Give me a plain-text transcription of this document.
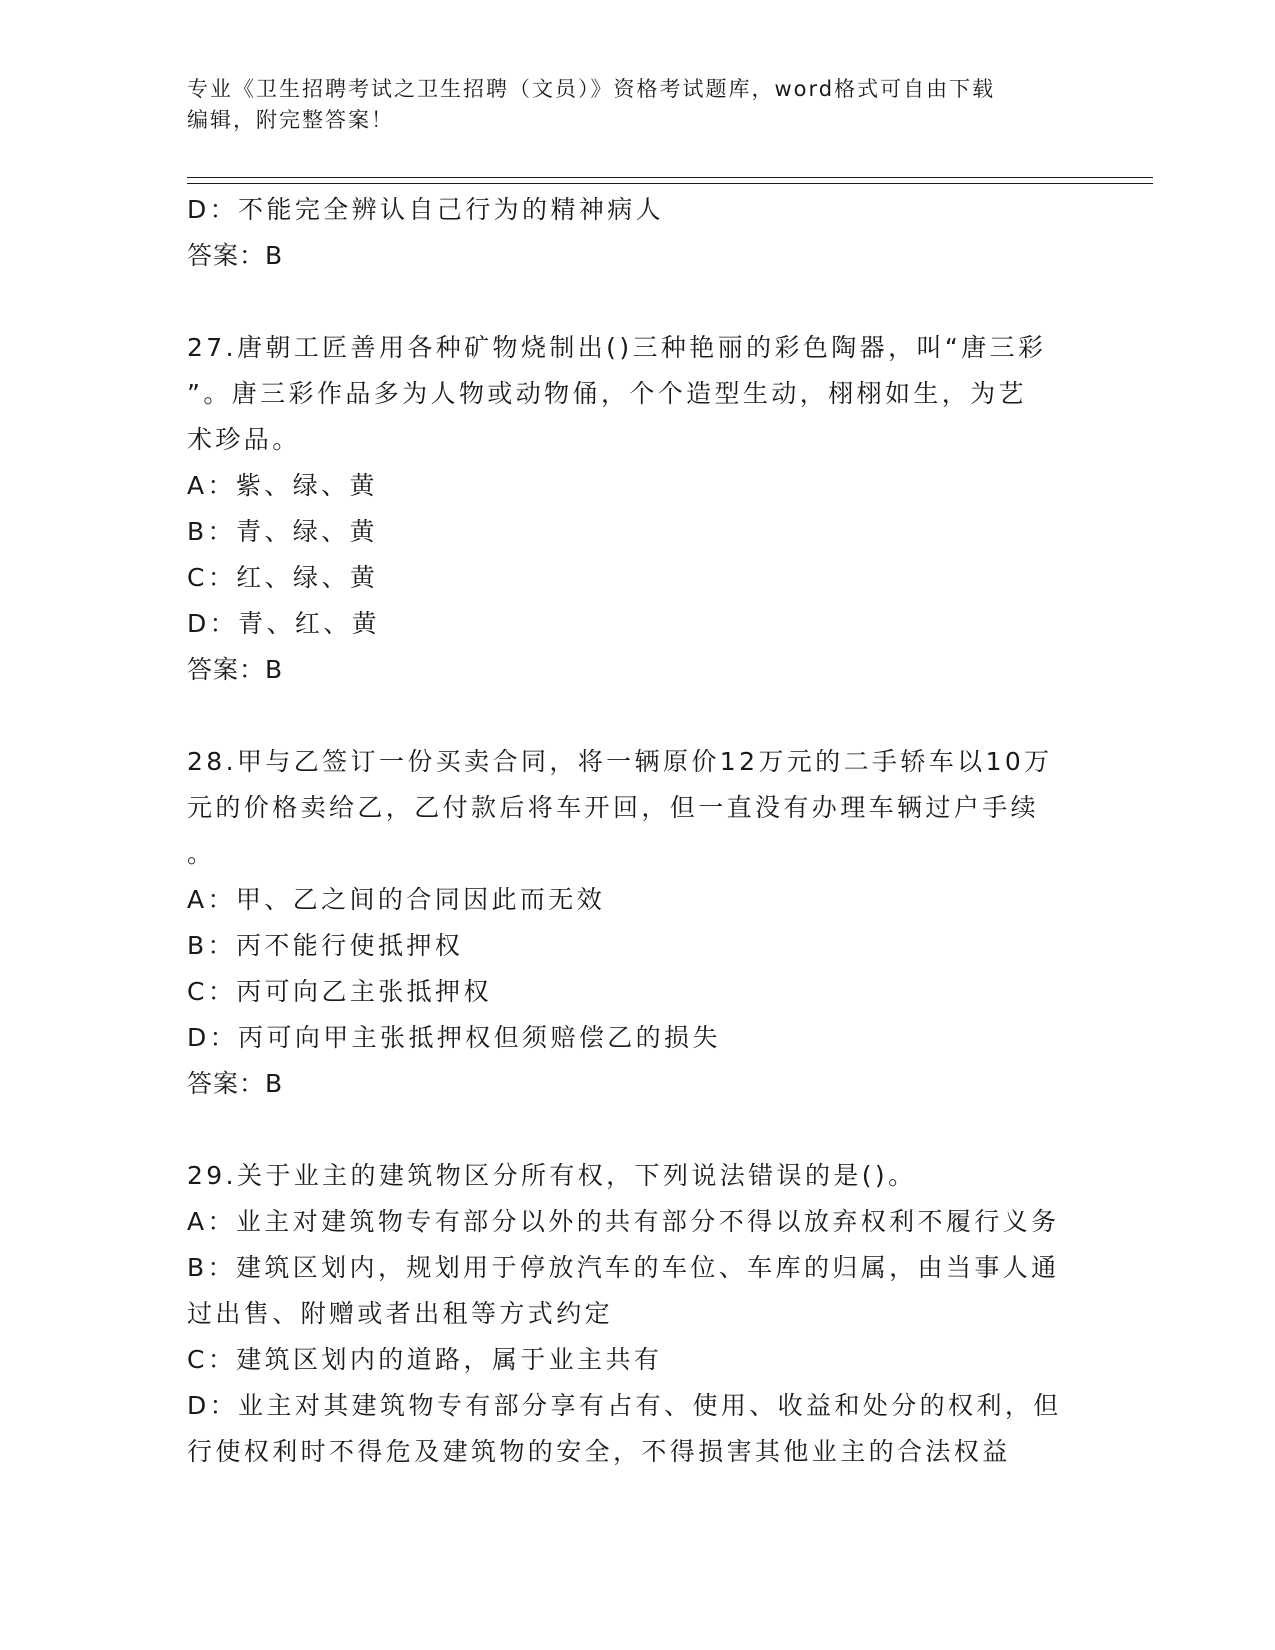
专业《卫生招聘考试之卫生招聘（文员）》资格考试题库，word格式可自由下载
编辑，附完整答案！
D：不能完全辨认自己行为的精神病人
答案：B
27.唐朝工匠善用各种矿物烧制出()三种艳丽的彩色陶器，叫“唐三彩
”。唐三彩作品多为人物或动物俑，个个造型生动，栩栩如生，为艺
术珍品。
A：紫、绿、黄
B：青、绿、黄
C：红、绿、黄
D：青、红、黄
答案：B
28.甲与乙签订一份买卖合同，将一辆原价12万元的二手轿车以10万
元的价格卖给乙，乙付款后将车开回，但一直没有办理车辆过户手续
。
A：甲、乙之间的合同因此而无效
B：丙不能行使抵押权
C：丙可向乙主张抵押权
D：丙可向甲主张抵押权但须赔偿乙的损失
答案：B
29.关于业主的建筑物区分所有权，下列说法错误的是()。
A：业主对建筑物专有部分以外的共有部分不得以放弃权利不履行义务
B：建筑区划内，规划用于停放汽车的车位、车库的归属，由当事人通
过出售、附赠或者出租等方式约定
C：建筑区划内的道路，属于业主共有
D：业主对其建筑物专有部分享有占有、使用、收益和处分的权利，但
行使权利时不得危及建筑物的安全，不得损害其他业主的合法权益
